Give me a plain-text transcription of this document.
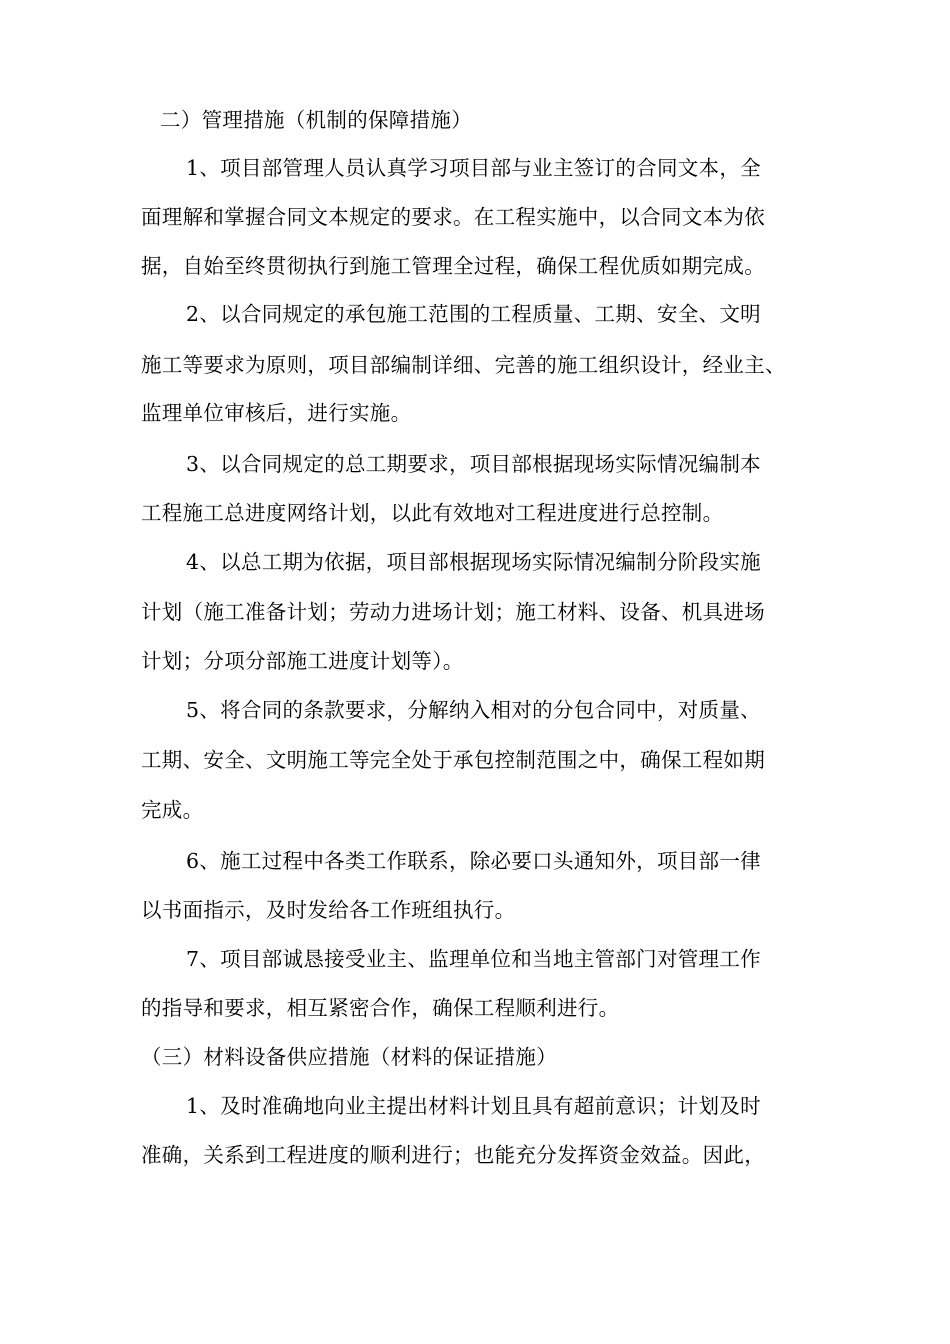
二）管理措施（机制的保障措施）
1、项目部管理人员认真学习项目部与业主签订的合同文本，全
面理解和掌握合同文本规定的要求。在工程实施中，以合同文本为依
据，自始至终贯彻执行到施工管理全过程，确保工程优质如期完成。
2、以合同规定的承包施工范围的工程质量、工期、安全、文明
施工等要求为原则，项目部编制详细、完善的施工组织设计，经业主、
监理单位审核后，进行实施。
3、以合同规定的总工期要求，项目部根据现场实际情况编制本
工程施工总进度网络计划，以此有效地对工程进度进行总控制。
4、以总工期为依据，项目部根据现场实际情况编制分阶段实施
计划（施工准备计划；劳动力进场计划；施工材料、设备、机具进场
计划；分项分部施工进度计划等）。
5、将合同的条款要求，分解纳入相对的分包合同中，对质量、
工期、安全、文明施工等完全处于承包控制范围之中，确保工程如期
完成。
6、施工过程中各类工作联系，除必要口头通知外，项目部一律
以书面指示，及时发给各工作班组执行。
7、项目部诚恳接受业主、监理单位和当地主管部门对管理工作
的指导和要求，相互紧密合作，确保工程顺利进行。
（三）材料设备供应措施（材料的保证措施）
1、及时准确地向业主提出材料计划且具有超前意识；计划及时
准确，关系到工程进度的顺利进行；也能充分发挥资金效益。因此，
